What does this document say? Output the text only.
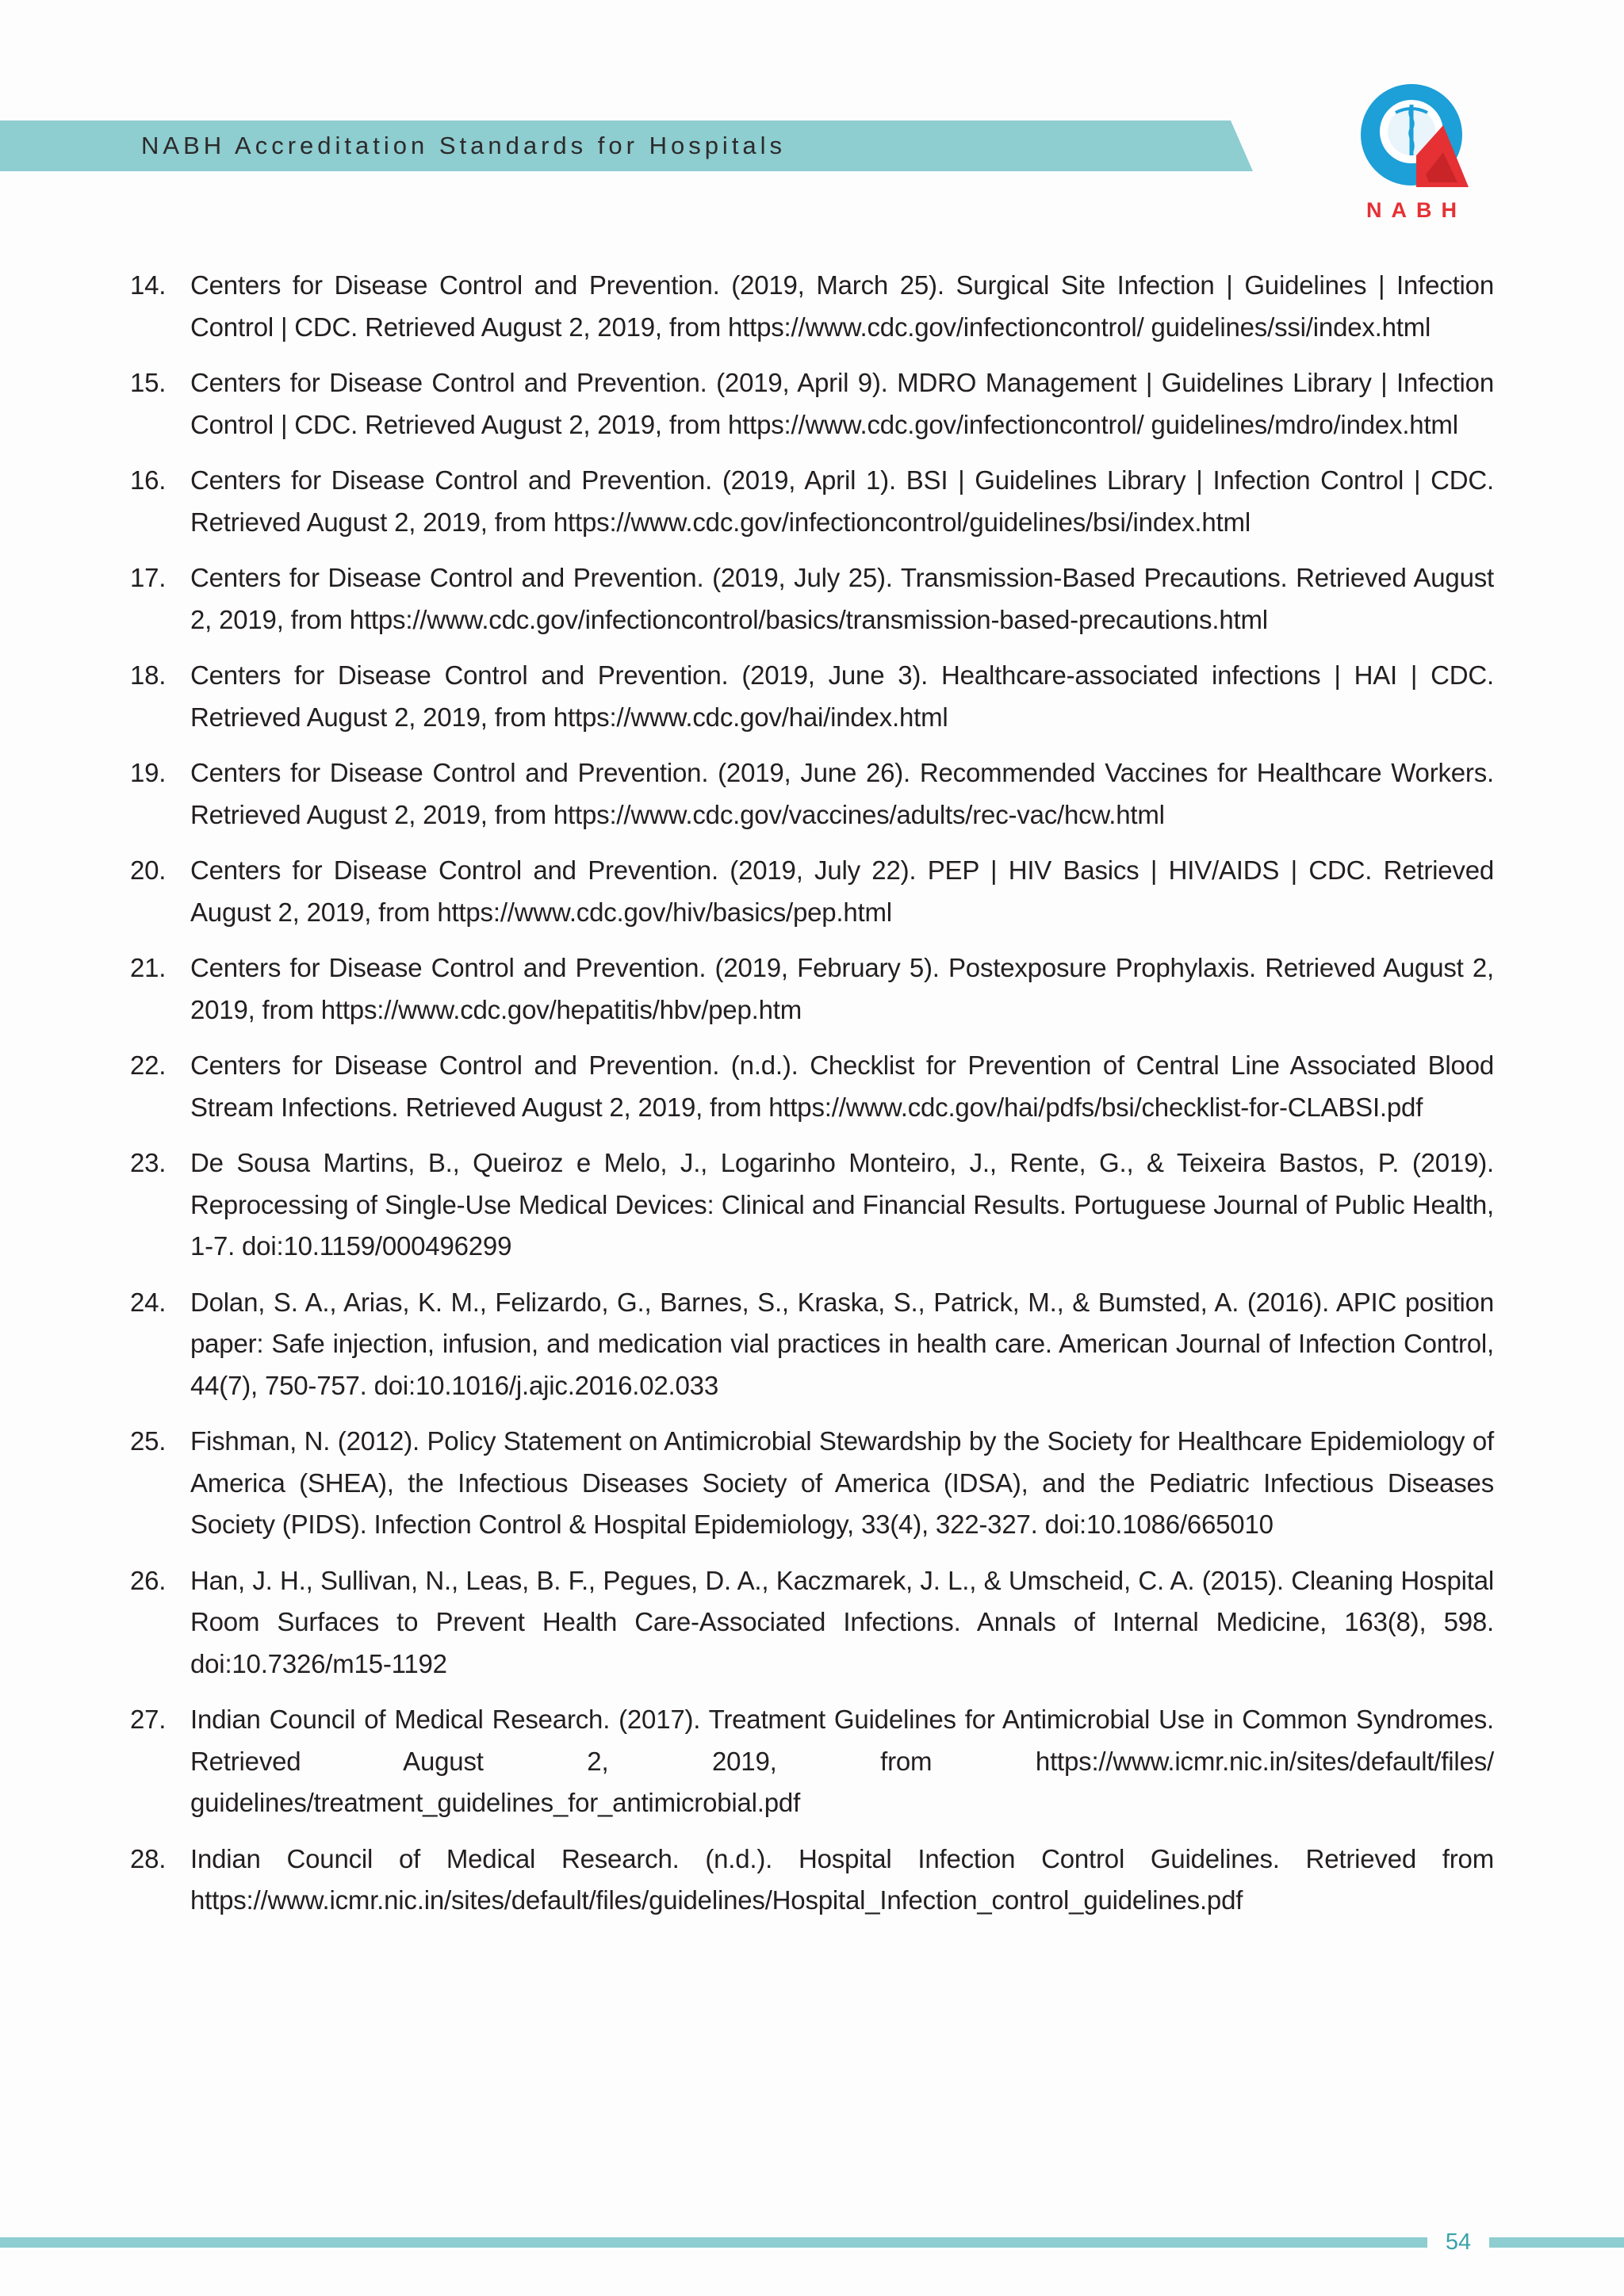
NABH Accreditation Standards for Hospitals
NABH
14. Centers for Disease Control and Prevention. (2019, March 25). Surgical Site Infection | Guidelines | Infection Control | CDC. Retrieved August 2, 2019, from https://www.cdc.gov/infectioncontrol/ guidelines/ssi/index.html
15. Centers for Disease Control and Prevention. (2019, April 9). MDRO Management | Guidelines Library | Infection Control | CDC. Retrieved August 2, 2019, from https://www.cdc.gov/infectioncontrol/ guidelines/mdro/index.html
16. Centers for Disease Control and Prevention. (2019, April 1). BSI | Guidelines Library | Infection Control | CDC. Retrieved August 2, 2019, from https://www.cdc.gov/infectioncontrol/guidelines/bsi/index.html
17. Centers for Disease Control and Prevention. (2019, July 25). Transmission-Based Precautions. Retrieved August 2, 2019, from https://www.cdc.gov/infectioncontrol/basics/transmission-based-precautions.html
18. Centers for Disease Control and Prevention. (2019, June 3). Healthcare-associated infections | HAI | CDC. Retrieved August 2, 2019, from https://www.cdc.gov/hai/index.html
19. Centers for Disease Control and Prevention. (2019, June 26). Recommended Vaccines for Healthcare Workers. Retrieved August 2, 2019, from https://www.cdc.gov/vaccines/adults/rec-vac/hcw.html
20. Centers for Disease Control and Prevention. (2019, July 22). PEP | HIV Basics | HIV/AIDS | CDC. Retrieved August 2, 2019, from https://www.cdc.gov/hiv/basics/pep.html
21. Centers for Disease Control and Prevention. (2019, February 5). Postexposure Prophylaxis. Retrieved August 2, 2019, from https://www.cdc.gov/hepatitis/hbv/pep.htm
22. Centers for Disease Control and Prevention. (n.d.). Checklist for Prevention of Central Line Associated Blood Stream Infections. Retrieved August 2, 2019, from https://www.cdc.gov/hai/pdfs/bsi/checklist-for-CLABSI.pdf
23. De Sousa Martins, B., Queiroz e Melo, J., Logarinho Monteiro, J., Rente, G., & Teixeira Bastos, P. (2019). Reprocessing of Single-Use Medical Devices: Clinical and Financial Results. Portuguese Journal of Public Health, 1-7. doi:10.1159/000496299
24. Dolan, S. A., Arias, K. M., Felizardo, G., Barnes, S., Kraska, S., Patrick, M., & Bumsted, A. (2016). APIC position paper: Safe injection, infusion, and medication vial practices in health care. American Journal of Infection Control, 44(7), 750-757. doi:10.1016/j.ajic.2016.02.033
25. Fishman, N. (2012). Policy Statement on Antimicrobial Stewardship by the Society for Healthcare Epidemiology of America (SHEA), the Infectious Diseases Society of America (IDSA), and the Pediatric Infectious Diseases Society (PIDS). Infection Control & Hospital Epidemiology, 33(4), 322-327. doi:10.1086/665010
26. Han, J. H., Sullivan, N., Leas, B. F., Pegues, D. A., Kaczmarek, J. L., & Umscheid, C. A. (2015). Cleaning Hospital Room Surfaces to Prevent Health Care-Associated Infections. Annals of Internal Medicine, 163(8), 598. doi:10.7326/m15-1192
27. Indian Council of Medical Research. (2017). Treatment Guidelines for Antimicrobial Use in Common Syndromes. Retrieved August 2, 2019, from https://www.icmr.nic.in/sites/default/files/ guidelines/treatment_guidelines_for_antimicrobial.pdf
28. Indian Council of Medical Research. (n.d.). Hospital Infection Control Guidelines. Retrieved from https://www.icmr.nic.in/sites/default/files/guidelines/Hospital_Infection_control_guidelines.pdf
54
